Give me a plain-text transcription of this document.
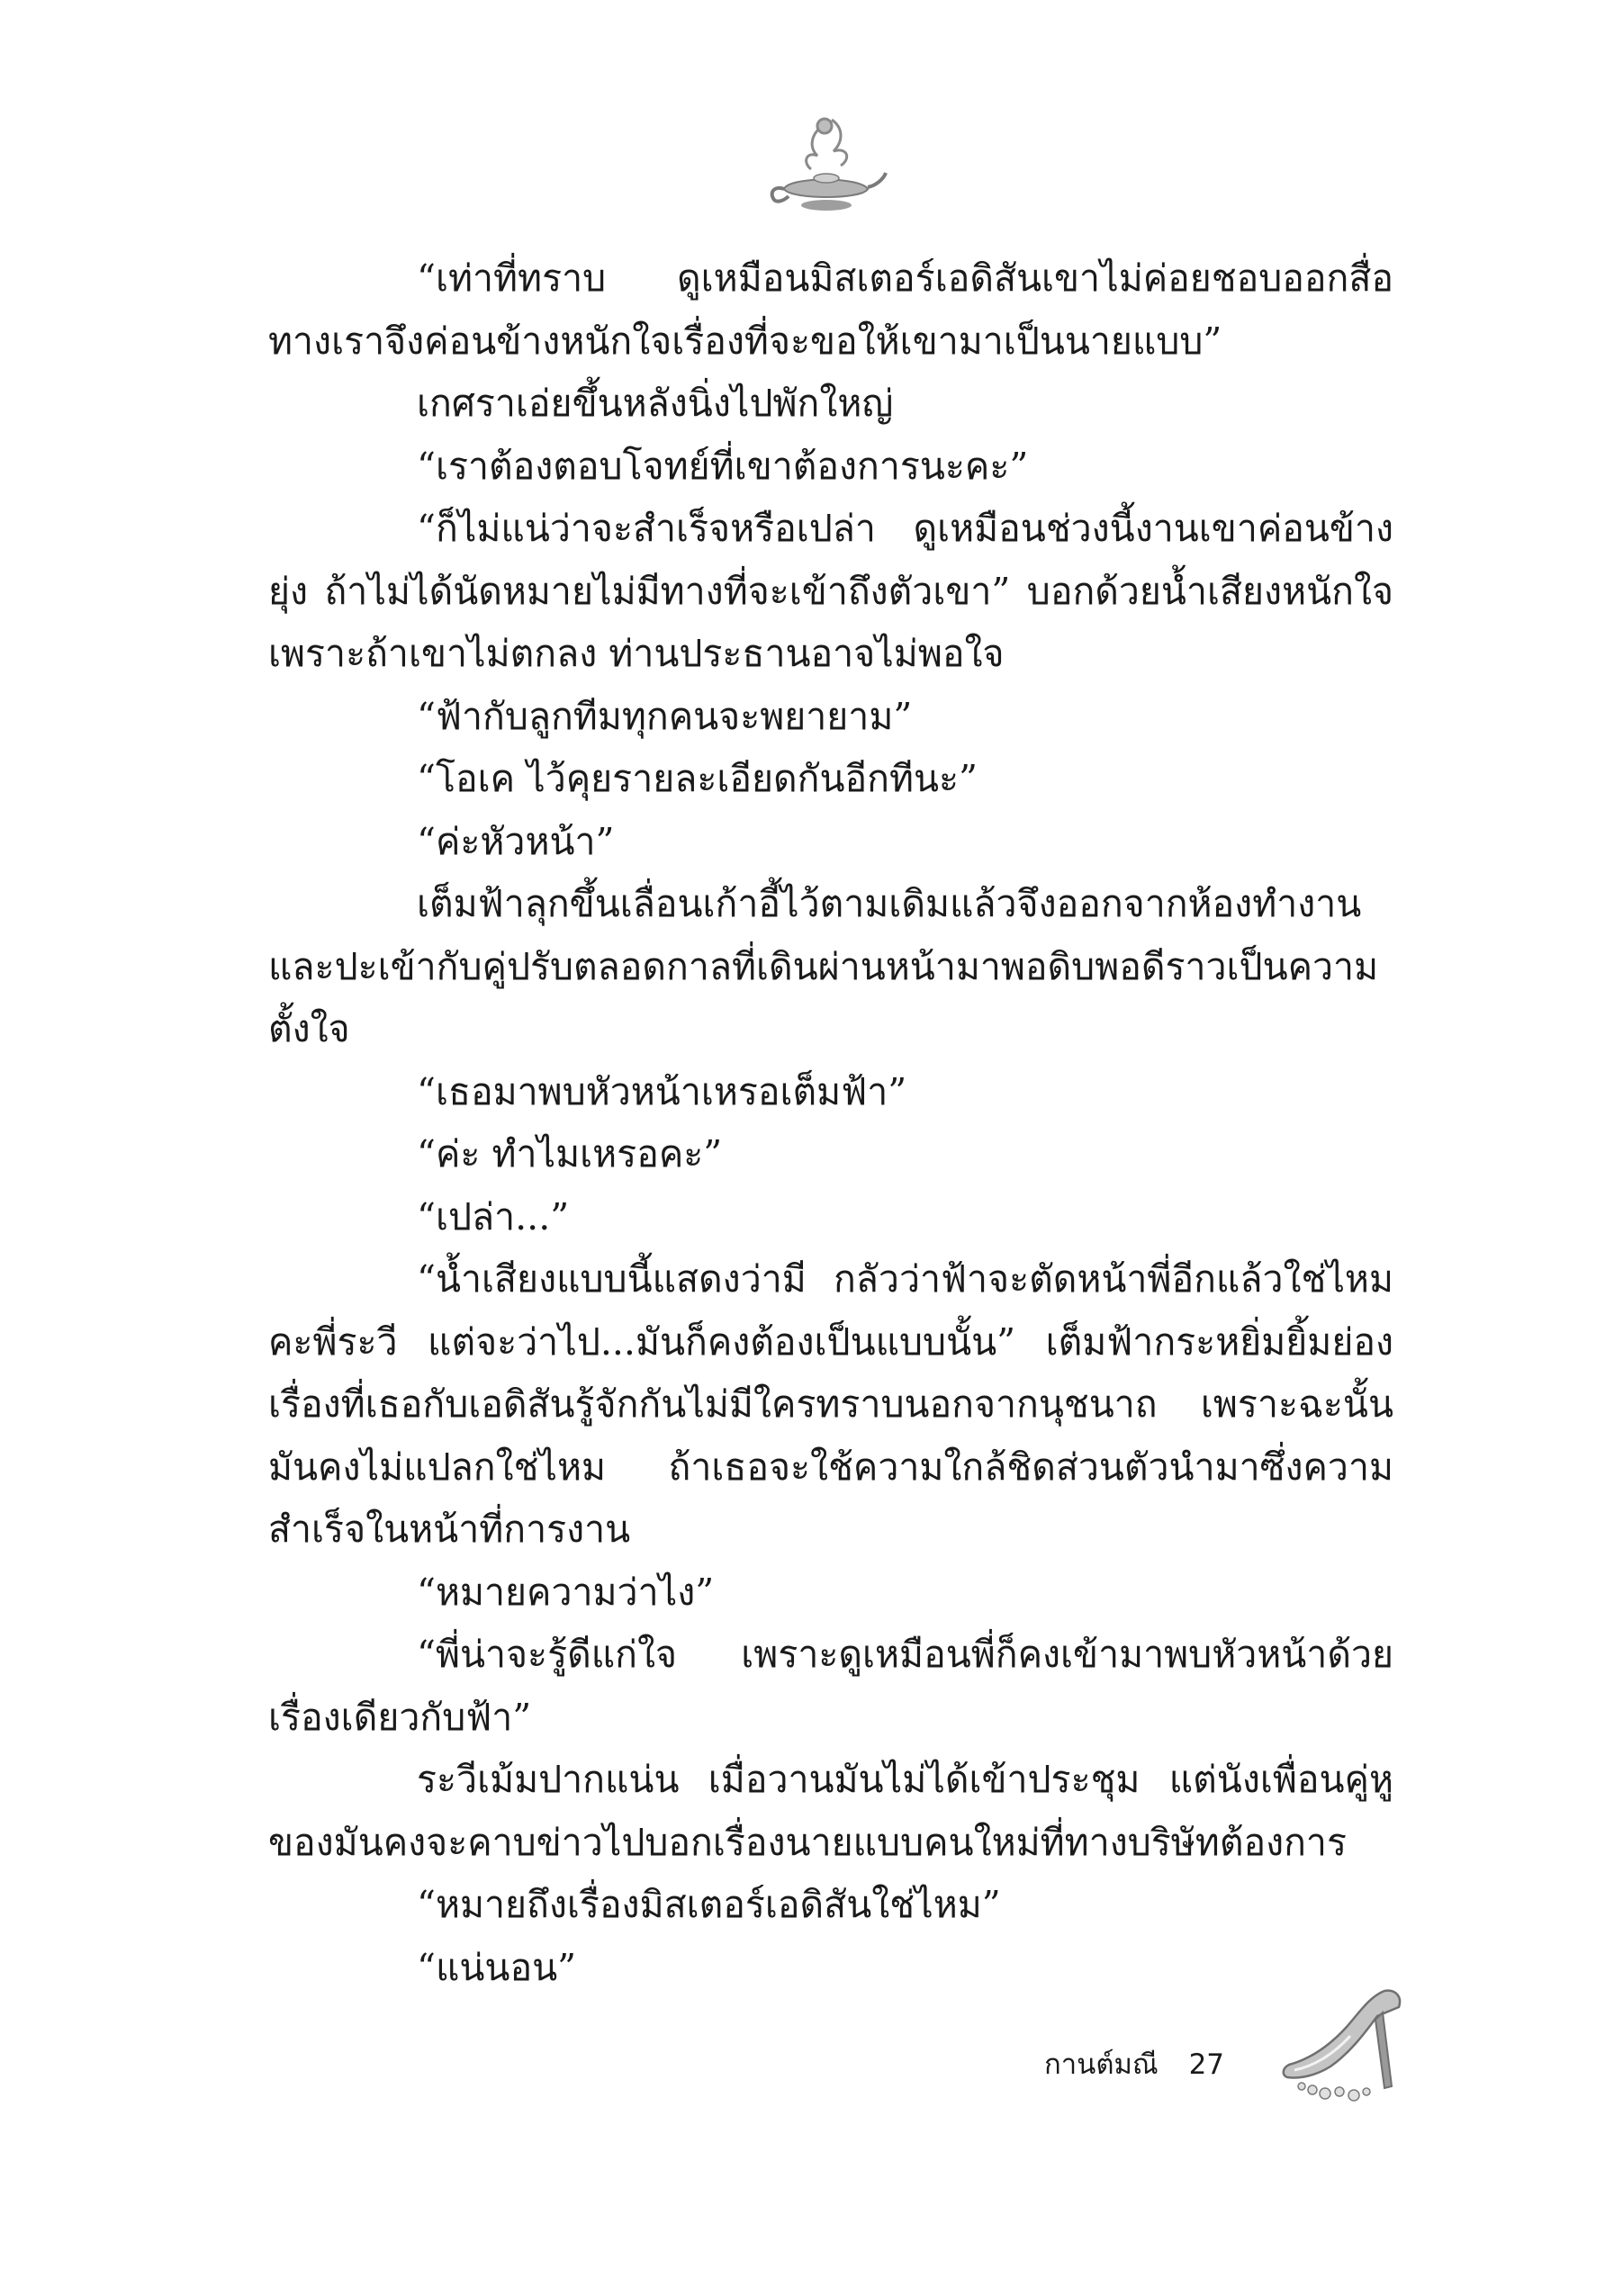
“เท่าที่ทราบ ดูเหมือนมิสเตอร์เอดิสันเขาไม่ค่อยชอบออกสื่อ ทางเราจึงค่อนข้างหนักใจเรื่องที่จะขอให้เขามาเป็นนายแบบ”

เกศราเอ่ยขึ้นหลังนิ่งไปพักใหญ่

“เราต้องตอบโจทย์ที่เขาต้องการนะคะ”

“ก็ไม่แน่ว่าจะสำเร็จหรือเปล่า ดูเหมือนช่วงนี้งานเขาค่อนข้างยุ่ง ถ้าไม่ได้นัดหมายไม่มีทางที่จะเข้าถึงตัวเขา” บอกด้วยน้ำเสียงหนักใจ เพราะถ้าเขาไม่ตกลง ท่านประธานอาจไม่พอใจ

“ฟ้ากับลูกทีมทุกคนจะพยายาม”

“โอเค ไว้คุยรายละเอียดกันอีกทีนะ”

“ค่ะหัวหน้า”

เต็มฟ้าลุกขึ้นเลื่อนเก้าอี้ไว้ตามเดิมแล้วจึงออกจากห้องทำงาน และปะเข้ากับคู่ปรับตลอดกาลที่เดินผ่านหน้ามาพอดิบพอดีราวเป็นความตั้งใจ

“เธอมาพบหัวหน้าเหรอเต็มฟ้า”

“ค่ะ ทำไมเหรอคะ”

“เปล่า...”

“น้ำเสียงแบบนี้แสดงว่ามี กลัวว่าฟ้าจะตัดหน้าพี่อีกแล้วใช่ไหม คะพี่ระวี แต่จะว่าไป...มันก็คงต้องเป็นแบบนั้น” เต็มฟ้ากระหยิ่มยิ้มย่อง เรื่องที่เธอกับเอดิสันรู้จักกันไม่มีใครทราบนอกจากนุชนาถ เพราะฉะนั้น มันคงไม่แปลกใช่ไหม ถ้าเธอจะใช้ความใกล้ชิดส่วนตัวนำมาซึ่งความ สำเร็จในหน้าที่การงาน

“หมายความว่าไง”

“พี่น่าจะรู้ดีแก่ใจ เพราะดูเหมือนพี่ก็คงเข้ามาพบหัวหน้าด้วย เรื่องเดียวกับฟ้า”

ระวีเม้มปากแน่น เมื่อวานมันไม่ได้เข้าประชุม แต่นังเพื่อนคู่หู ของมันคงจะคาบข่าวไปบอกเรื่องนายแบบคนใหม่ที่ทางบริษัทต้องการ

“หมายถึงเรื่องมิสเตอร์เอดิสันใช่ไหม”

“แน่นอน”

กานต์มณี 27
